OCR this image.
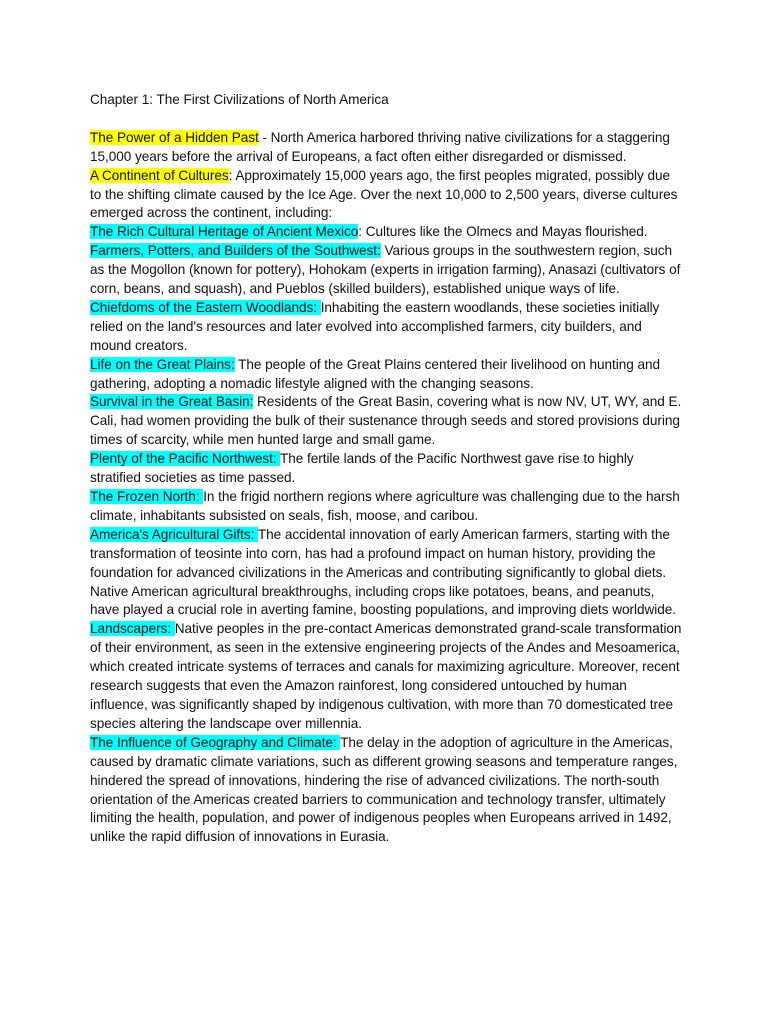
Chapter 1: The First Civilizations of North America

The Power of a Hidden Past - North America harbored thriving native civilizations for a staggering 15,000 years before the arrival of Europeans, a fact often either disregarded or dismissed.

A Continent of Cultures: Approximately 15,000 years ago, the first peoples migrated, possibly due to the shifting climate caused by the Ice Age. Over the next 10,000 to 2,500 years, diverse cultures emerged across the continent, including:

The Rich Cultural Heritage of Ancient Mexico: Cultures like the Olmecs and Mayas flourished.

Farmers, Potters, and Builders of the Southwest: Various groups in the southwestern region, such as the Mogollon (known for pottery), Hohokam (experts in irrigation farming), Anasazi (cultivators of corn, beans, and squash), and Pueblos (skilled builders), established unique ways of life.

Chiefdoms of the Eastern Woodlands: Inhabiting the eastern woodlands, these societies initially relied on the land's resources and later evolved into accomplished farmers, city builders, and mound creators.

Life on the Great Plains: The people of the Great Plains centered their livelihood on hunting and gathering, adopting a nomadic lifestyle aligned with the changing seasons.

Survival in the Great Basin: Residents of the Great Basin, covering what is now NV, UT, WY, and E. Cali, had women providing the bulk of their sustenance through seeds and stored provisions during times of scarcity, while men hunted large and small game.

Plenty of the Pacific Northwest: The fertile lands of the Pacific Northwest gave rise to highly stratified societies as time passed.

The Frozen North: In the frigid northern regions where agriculture was challenging due to the harsh climate, inhabitants subsisted on seals, fish, moose, and caribou.

America's Agricultural Gifts: The accidental innovation of early American farmers, starting with the transformation of teosinte into corn, has had a profound impact on human history, providing the foundation for advanced civilizations in the Americas and contributing significantly to global diets. Native American agricultural breakthroughs, including crops like potatoes, beans, and peanuts, have played a crucial role in averting famine, boosting populations, and improving diets worldwide.

Landscapers: Native peoples in the pre-contact Americas demonstrated grand-scale transformation of their environment, as seen in the extensive engineering projects of the Andes and Mesoamerica, which created intricate systems of terraces and canals for maximizing agriculture. Moreover, recent research suggests that even the Amazon rainforest, long considered untouched by human influence, was significantly shaped by indigenous cultivation, with more than 70 domesticated tree species altering the landscape over millennia.

The Influence of Geography and Climate: The delay in the adoption of agriculture in the Americas, caused by dramatic climate variations, such as different growing seasons and temperature ranges, hindered the spread of innovations, hindering the rise of advanced civilizations. The north-south orientation of the Americas created barriers to communication and technology transfer, ultimately limiting the health, population, and power of indigenous peoples when Europeans arrived in 1492, unlike the rapid diffusion of innovations in Eurasia.
